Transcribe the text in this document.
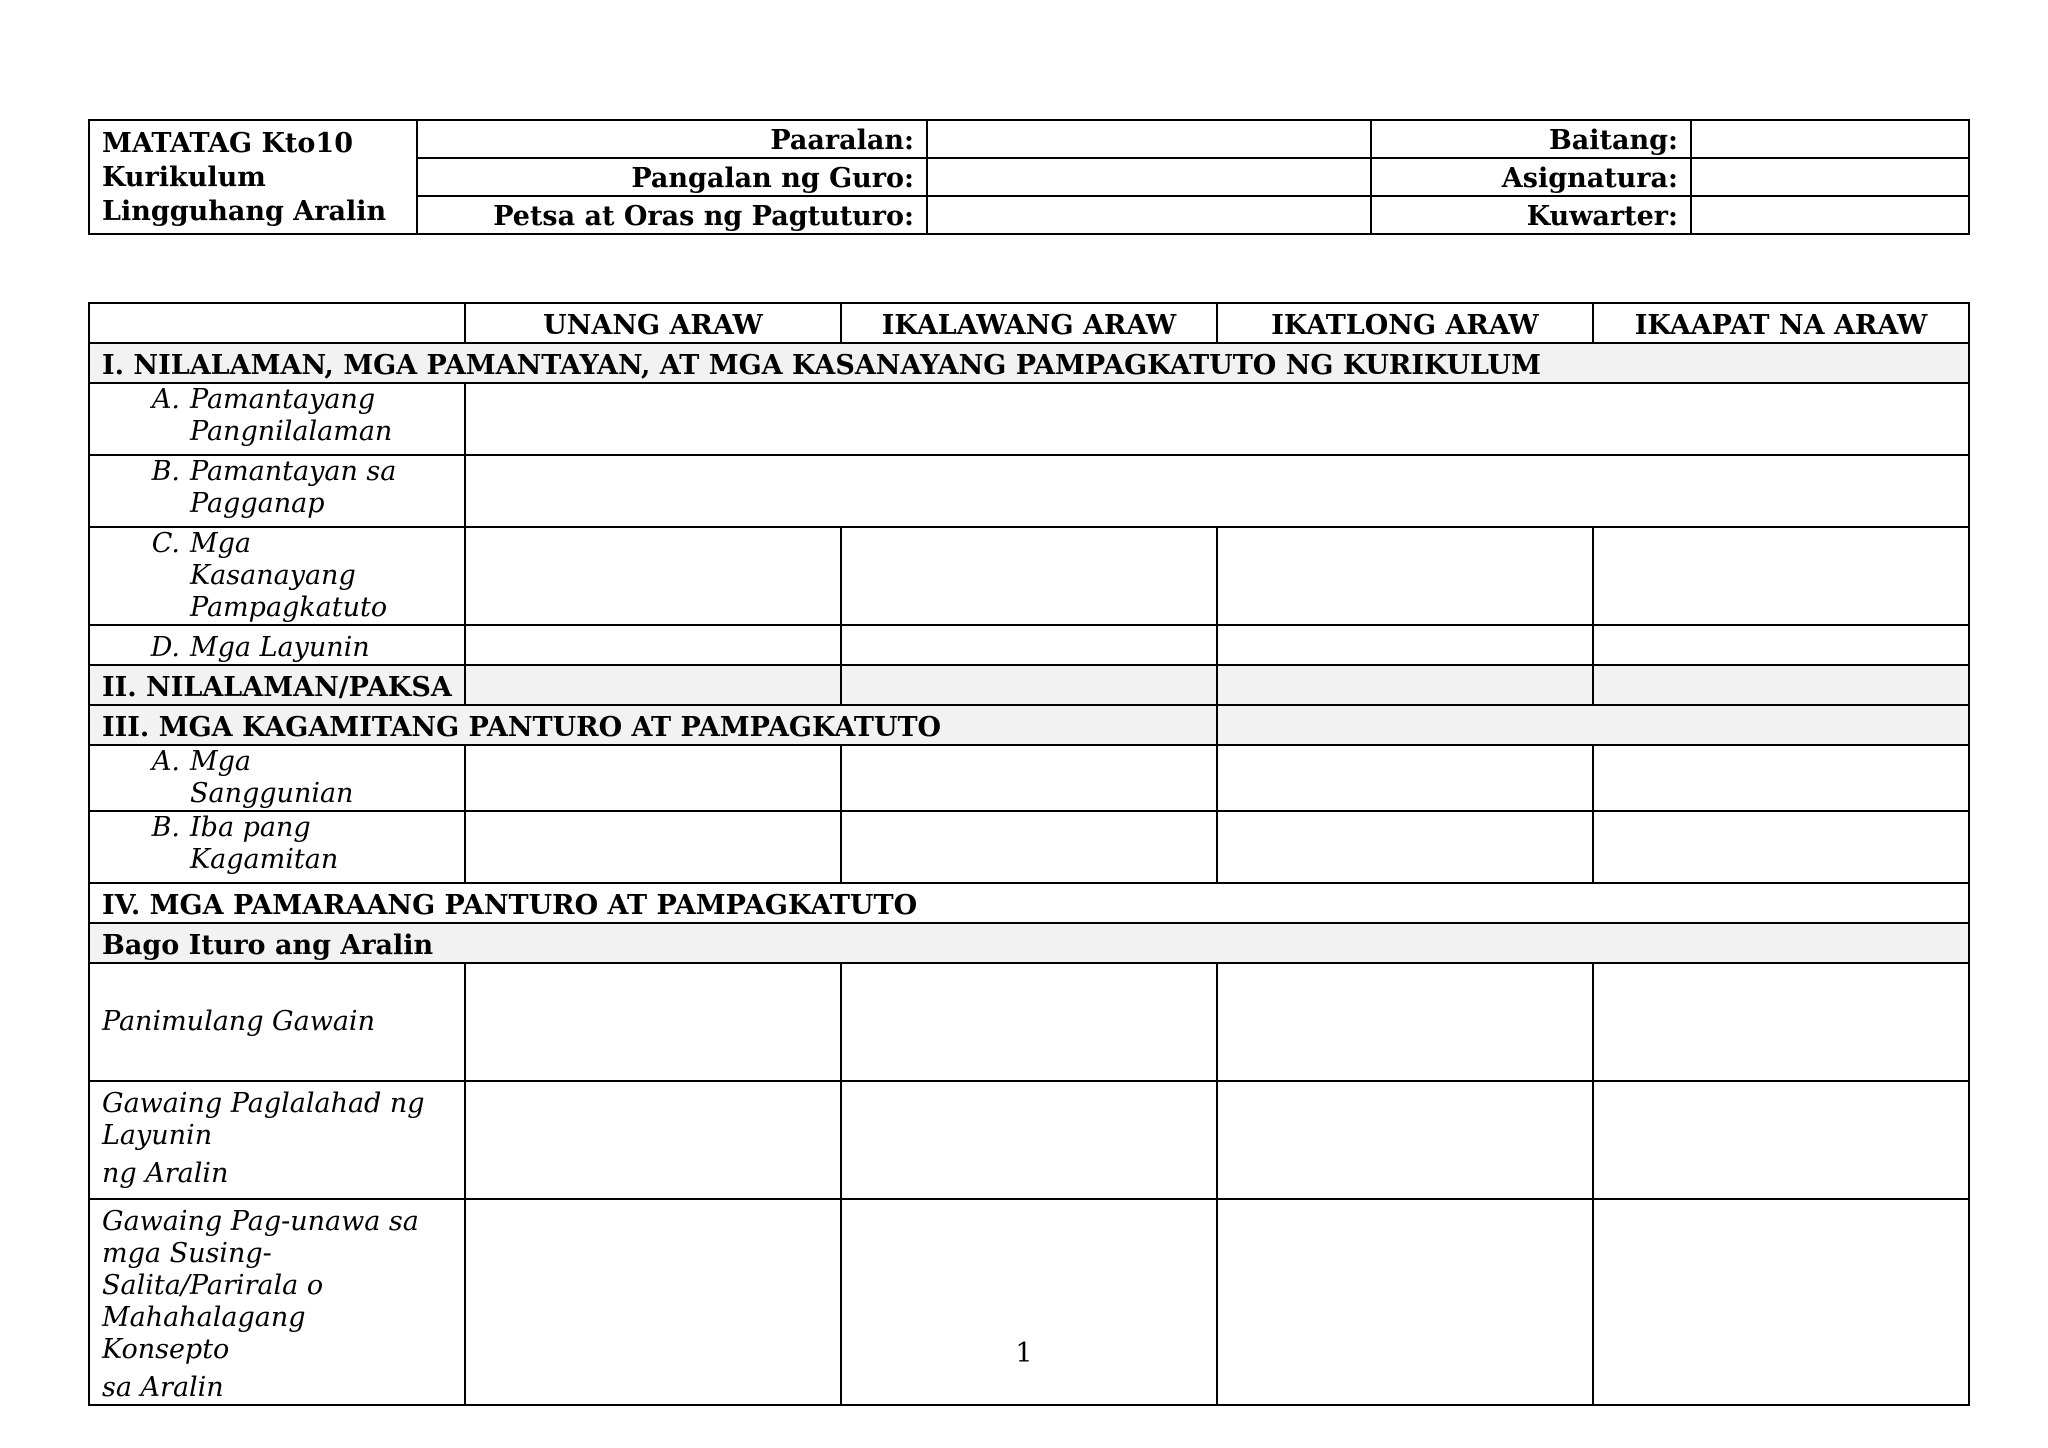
MATATAG Kto10
Kurikulum
Lingguhang Aralin	Paaralan:		Baitang:	
	Pangalan ng Guro:		Asignatura:	
	Petsa at Oras ng Pagtuturo:		Kuwarter:	
	UNANG ARAW	IKALAWANG ARAW	IKATLONG ARAW	IKAAPAT NA ARAW
I. NILALAMAN, MGA PAMANTAYAN, AT MGA KASANAYANG PAMPAGKATUTO NG KURIKULUM				
A. Pamantayang Pangnilalaman				
B. Pamantayan sa Pagganap				
C. Mga Kasanayang Pampagkatuto				
D. Mga Layunin				
II. NILALAMAN/PAKSA				
III. MGA KAGAMITANG PANTURO AT PAMPAGKATUTO				
A. Mga Sanggunian				
B. Iba pang Kagamitan				
IV. MGA PAMARAANG PANTURO AT PAMPAGKATUTO				
Bago Ituro ang Aralin				
Panimulang Gawain				

Gawaing Paglalahad ng Layunin
ng Aralin				

Gawaing Pag-unawa sa mga Susing-Salita/Parirala o Mahahalagang Konsepto
sa Aralin				

1
